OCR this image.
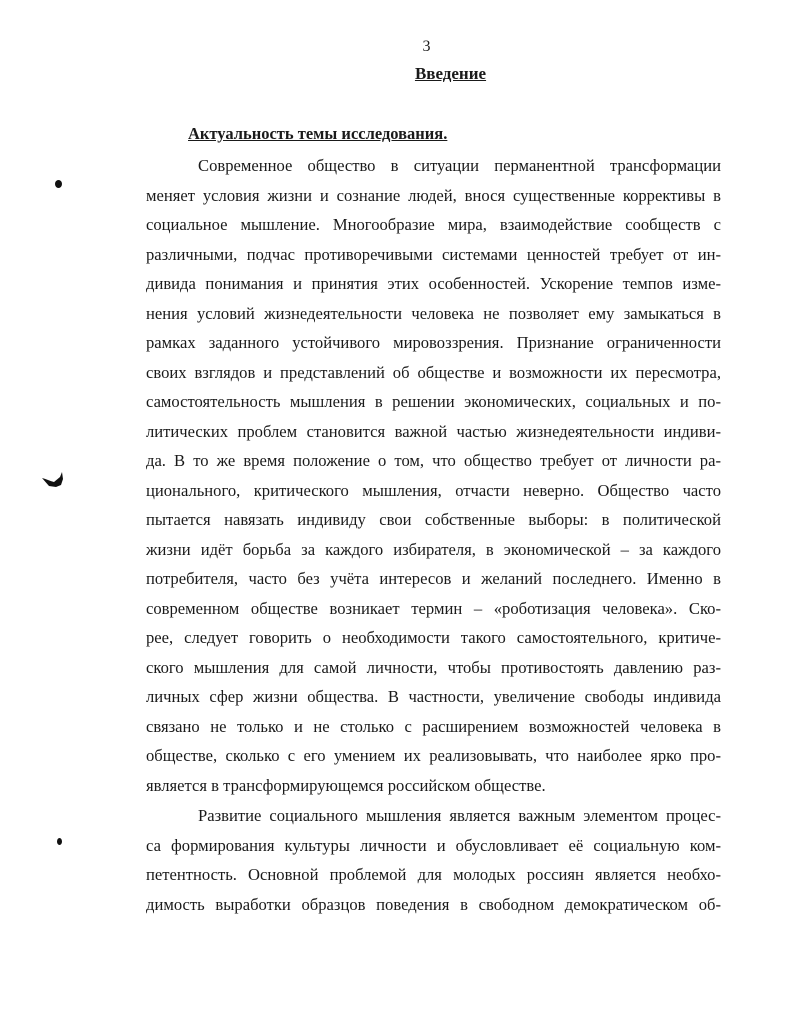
3
Введение
Актуальность темы исследования.
Современное общество в ситуации перманентной трансформации
меняет условия жизни и сознание людей, внося существенные коррективы в
социальное мышление. Многообразие мира, взаимодействие сообществ с
различными, подчас противоречивыми системами ценностей требует от ин-
дивида понимания и принятия этих особенностей. Ускорение темпов изме-
нения условий жизнедеятельности человека не позволяет ему замыкаться в
рамках заданного устойчивого мировоззрения. Признание ограниченности
своих взглядов и представлений об обществе и возможности их пересмотра,
самостоятельность мышления в решении экономических, социальных и по-
литических проблем становится важной частью жизнедеятельности индиви-
да. В то же время положение о том, что общество требует от личности ра-
ционального, критического мышления, отчасти неверно. Общество часто
пытается навязать индивиду свои собственные выборы: в политической
жизни идёт борьба за каждого избирателя, в экономической – за каждого
потребителя, часто без учёта интересов и желаний последнего. Именно в
современном обществе возникает термин – «роботизация человека». Ско-
рее, следует говорить о необходимости такого самостоятельного, критиче-
ского мышления для самой личности, чтобы противостоять давлению раз-
личных сфер жизни общества. В частности, увеличение свободы индивида
связано не только и не столько с расширением возможностей человека в
обществе, сколько с его умением их реализовывать, что наиболее ярко про-
является в трансформирующемся российском обществе.
Развитие социального мышления является важным элементом процес-
са формирования культуры личности и обусловливает её социальную ком-
петентность. Основной проблемой для молодых россиян является необхо-
димость выработки образцов поведения в свободном демократическом об-
